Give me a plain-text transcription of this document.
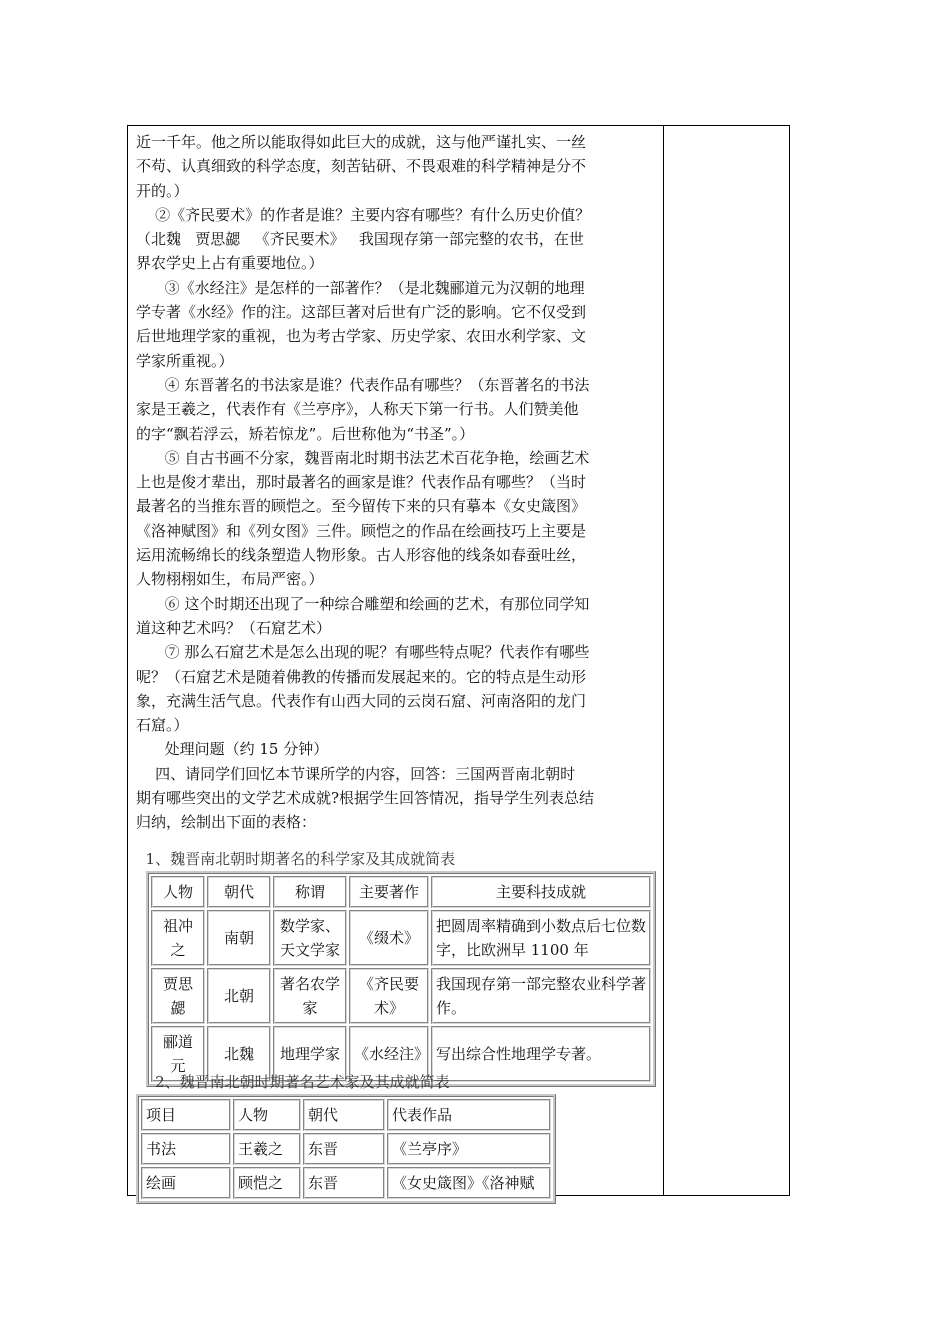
近一千年。他之所以能取得如此巨大的成就，这与他严谨扎实、一丝

不苟、认真细致的科学态度，刻苦钻研、不畏艰难的科学精神是分不

开的。）

②《齐民要术》的作者是谁？主要内容有哪些？有什么历史价值？

（北魏   贾思勰   《齐民要术》   我国现存第一部完整的农书，在世

界农学史上占有重要地位。）

③《水经注》是怎样的一部著作？（是北魏郦道元为汉朝的地理

学专著《水经》作的注。这部巨著对后世有广泛的影响。它不仅受到

后世地理学家的重视，也为考古学家、历史学家、农田水利学家、文

学家所重视。）

④ 东晋著名的书法家是谁？代表作品有哪些？（东晋著名的书法

家是王羲之，代表作有《兰亭序》，人称天下第一行书。人们赞美他

的字“飘若浮云，矫若惊龙”。后世称他为“书圣”。）

⑤ 自古书画不分家，魏晋南北时期书法艺术百花争艳，绘画艺术

上也是俊才辈出，那时最著名的画家是谁？代表作品有哪些？（当时

最著名的当推东晋的顾恺之。至今留传下来的只有摹本《女史箴图》

《洛神赋图》和《列女图》三件。顾恺之的作品在绘画技巧上主要是

运用流畅绵长的线条塑造人物形象。古人形容他的线条如春蚕吐丝，

人物栩栩如生，布局严密。）

⑥ 这个时期还出现了一种综合雕塑和绘画的艺术，有那位同学知

道这种艺术吗？（石窟艺术）

⑦ 那么石窟艺术是怎么出现的呢？有哪些特点呢？代表作有哪些

呢？（石窟艺术是随着佛教的传播而发展起来的。它的特点是生动形

象，充满生活气息。代表作有山西大同的云岗石窟、河南洛阳的龙门

石窟。）

处理问题（约 15 分钟）

四、请同学们回忆本节课所学的内容，回答：三国两晋南北朝时

期有哪些突出的文学艺术成就?根据学生回答情况，指导学生列表总结

归纳，绘制出下面的表格：

1、魏晋南北朝时期著名的科学家及其成就简表

人物	朝代	称谓	主要著作	主要科技成就
祖冲之	南朝	数学家、天文学家	《缀术》	把圆周率精确到小数点后七位数字，比欧洲早 1100 年
贾思勰	北朝	著名农学家	《齐民要术》	我国现存第一部完整农业科学著作。
郦道元	北魏	地理学家	《水经注》	写出综合性地理学专著。

2、魏晋南北朝时期著名艺术家及其成就简表

项目	人物	朝代	代表作品
书法	王羲之	东晋	《兰亭序》
绘画	顾恺之	东晋	《女史箴图》《洛神赋
